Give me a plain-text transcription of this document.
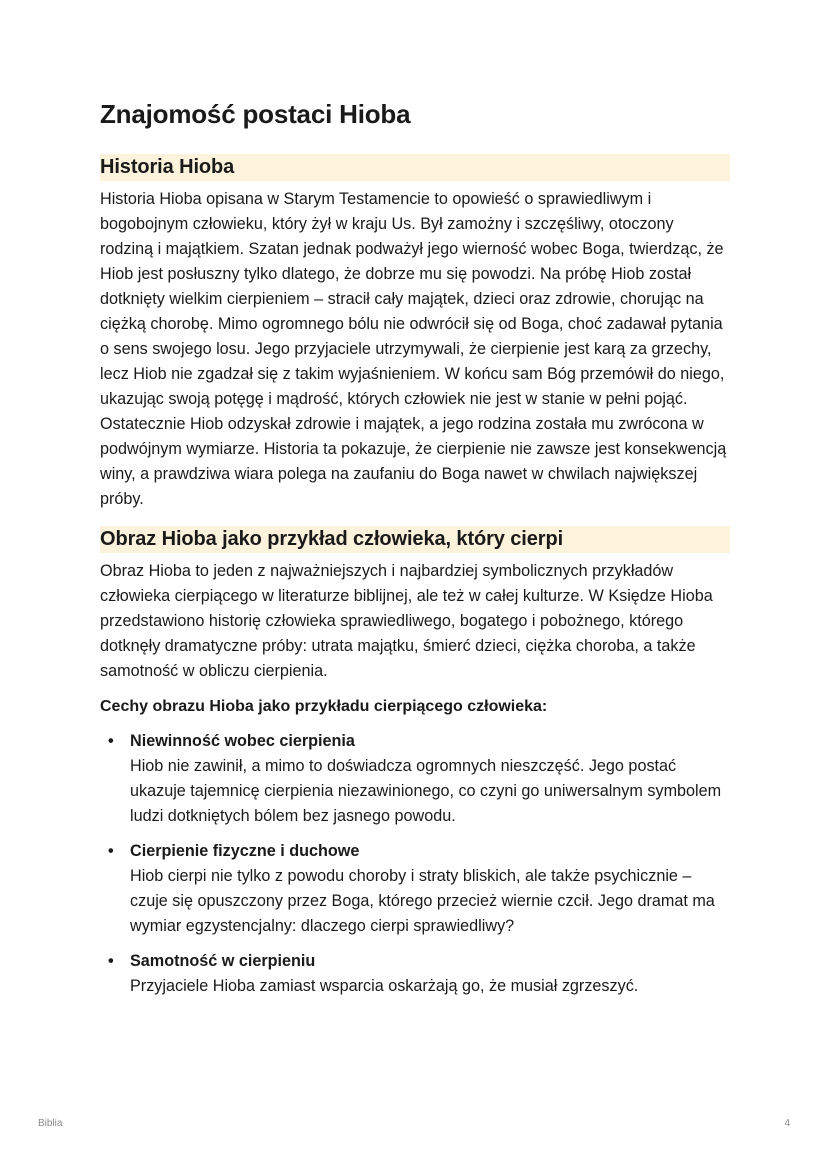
Znajomość postaci Hioba
Historia Hioba

Historia Hioba opisana w Starym Testamencie to opowieść o sprawiedliwym i bogobojnym człowieku, który żył w kraju Us. Był zamożny i szczęśliwy, otoczony rodziną i majątkiem. Szatan jednak podważył jego wierność wobec Boga, twierdząc, że Hiob jest posłuszny tylko dlatego, że dobrze mu się powodzi. Na próbę Hiob został dotknięty wielkim cierpieniem – stracił cały majątek, dzieci oraz zdrowie, chorując na ciężką chorobę. Mimo ogromnego bólu nie odwrócił się od Boga, choć zadawał pytania o sens swojego losu. Jego przyjaciele utrzymywali, że cierpienie jest karą za grzechy, lecz Hiob nie zgadzał się z takim wyjaśnieniem. W końcu sam Bóg przemówił do niego, ukazując swoją potęgę i mądrość, których człowiek nie jest w stanie w pełni pojąć. Ostatecznie Hiob odzyskał zdrowie i majątek, a jego rodzina została mu zwrócona w podwójnym wymiarze. Historia ta pokazuje, że cierpienie nie zawsze jest konsekwencją winy, a prawdziwa wiara polega na zaufaniu do Boga nawet w chwilach największej próby.

Obraz Hioba jako przykład człowieka, który cierpi

Obraz Hioba to jeden z najważniejszych i najbardziej symbolicznych przykładów człowieka cierpiącego w literaturze biblijnej, ale też w całej kulturze. W Księdze Hioba przedstawiono historię człowieka sprawiedliwego, bogatego i pobożnego, którego dotknęły dramatyczne próby: utrata majątku, śmierć dzieci, ciężka choroba, a także samotność w obliczu cierpienia.

Cechy obrazu Hioba jako przykładu cierpiącego człowieka:
• Niewinność wobec cierpienia
Hiob nie zawinił, a mimo to doświadcza ogromnych nieszczęść. Jego postać ukazuje tajemnicę cierpienia niezawinionego, co czyni go uniwersalnym symbolem ludzi dotkniętych bólem bez jasnego powodu.
• Cierpienie fizyczne i duchowe
Hiob cierpi nie tylko z powodu choroby i straty bliskich, ale także psychicznie – czuje się opuszczony przez Boga, którego przecież wiernie czcił. Jego dramat ma wymiar egzystencjalny: dlaczego cierpi sprawiedliwy?
• Samotność w cierpieniu
Przyjaciele Hioba zamiast wsparcia oskarżają go, że musiał zgrzeszyć.
Biblia	4
